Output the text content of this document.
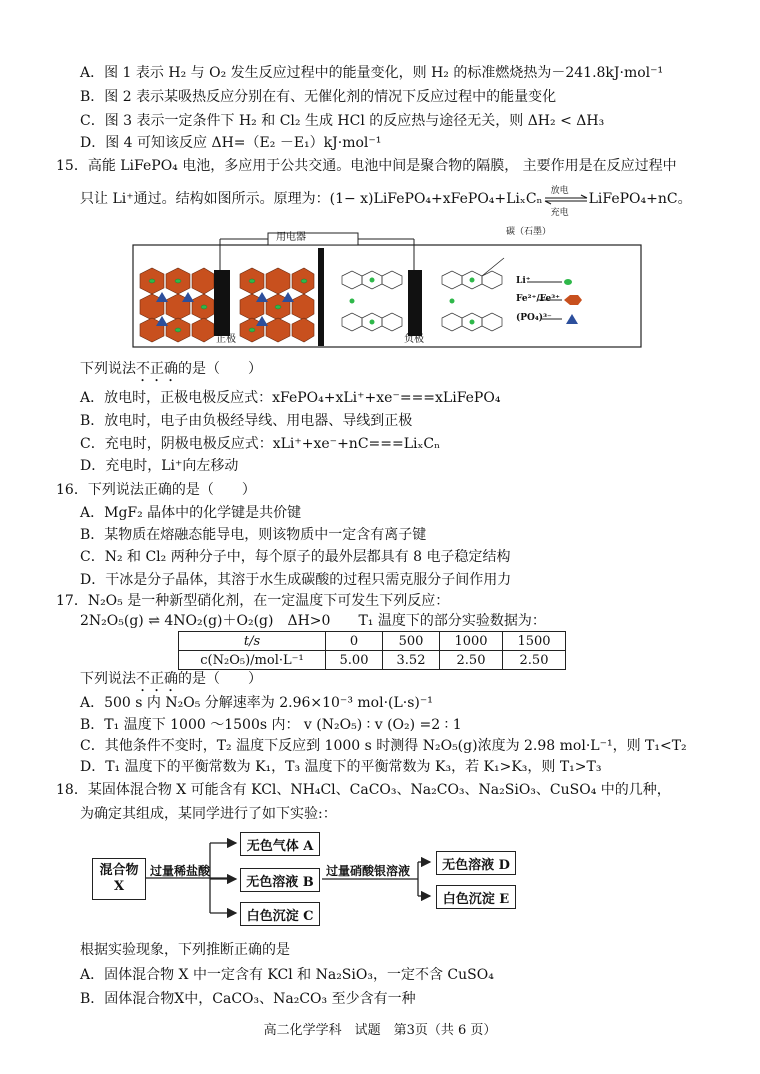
A．图 1 表示 H₂ 与 O₂ 发生反应过程中的能量变化，则 H₂ 的标准燃烧热为－241.8kJ·mol⁻¹
B．图 2 表示某吸热反应分别在有、无催化剂的情况下反应过程中的能量变化
C．图 3 表示一定条件下 H₂ 和 Cl₂ 生成 HCl 的反应热与途径无关，则 ΔH₂ < ΔH₃
D．图 4 可知该反应 ΔH=（E₂ －E₁）kJ·mol⁻¹
15．高能 LiFePO₄ 电池，多应用于公共交通。电池中间是聚合物的隔膜， 主要作用是在反应过程中
只让 Li⁺通过。结构如图所示。原理为：(1− x)LiFePO₄+xFePO₄+LiₓCₙ 放电
充电
LiFePO₄+nC。
用电器
正极	负极
碳（石墨）
Li⁺
Fe²⁺/Fe³⁺
(PO₄)³⁻
下列说法不正确的是（　　）
A．放电时，正极电极反应式：xFePO₄+xLi⁺+xe⁻===xLiFePO₄
B．放电时，电子由负极经导线、用电器、导线到正极
C．充电时，阴极电极反应式：xLi⁺+xe⁻+nC===LiₓCₙ
D．充电时，Li⁺向左移动
16．下列说法正确的是（　　）
A．MgF₂ 晶体中的化学键是共价键
B．某物质在熔融态能导电，则该物质中一定含有离子键
C．N₂ 和 Cl₂ 两种分子中，每个原子的最外层都具有 8 电子稳定结构
D．干冰是分子晶体，其溶于水生成碳酸的过程只需克服分子间作用力
17．N₂O₅ 是一种新型硝化剂，在一定温度下可发生下列反应：
2N₂O₅(g) ⇌ 4NO₂(g)＋O₂(g)　ΔH>0　　T₁ 温度下的部分实验数据为：
t/s	0	500	1000	1500
c(N₂O₅)/mol·L⁻¹	5.00	3.52	2.50	2.50
下列说法不正确的是（　　）
A．500 s 内 N₂O₅ 分解速率为 2.96×10⁻³ mol·(L·s)⁻¹
B．T₁ 温度下 1000 ～1500s 内： v (N₂O₅) ∶ v (O₂) =2 ∶ 1
C．其他条件不变时，T₂ 温度下反应到 1000 s 时测得 N₂O₅(g)浓度为 2.98 mol·L⁻¹，则 T₁<T₂
D．T₁ 温度下的平衡常数为 K₁，T₃ 温度下的平衡常数为 K₃，若 K₁>K₃，则 T₁>T₃
18．某固体混合物 X 可能含有 KCl、NH₄Cl、CaCO₃、Na₂CO₃、Na₂SiO₃、CuSO₄ 中的几种，
为确定其组成，某同学进行了如下实验:：
混合物
X
过量稀盐酸
无色气体 A
无色溶液 B
白色沉淀 C
过量硝酸银溶液	无色溶液 D
白色沉淀 E
根据实验现象，下列推断正确的是
A．固体混合物 X 中一定含有 KCl 和 Na₂SiO₃，一定不含 CuSO₄
B．固体混合物X中，CaCO₃、Na₂CO₃ 至少含有一种
高二化学学科　试题　第3页（共 6 页）
